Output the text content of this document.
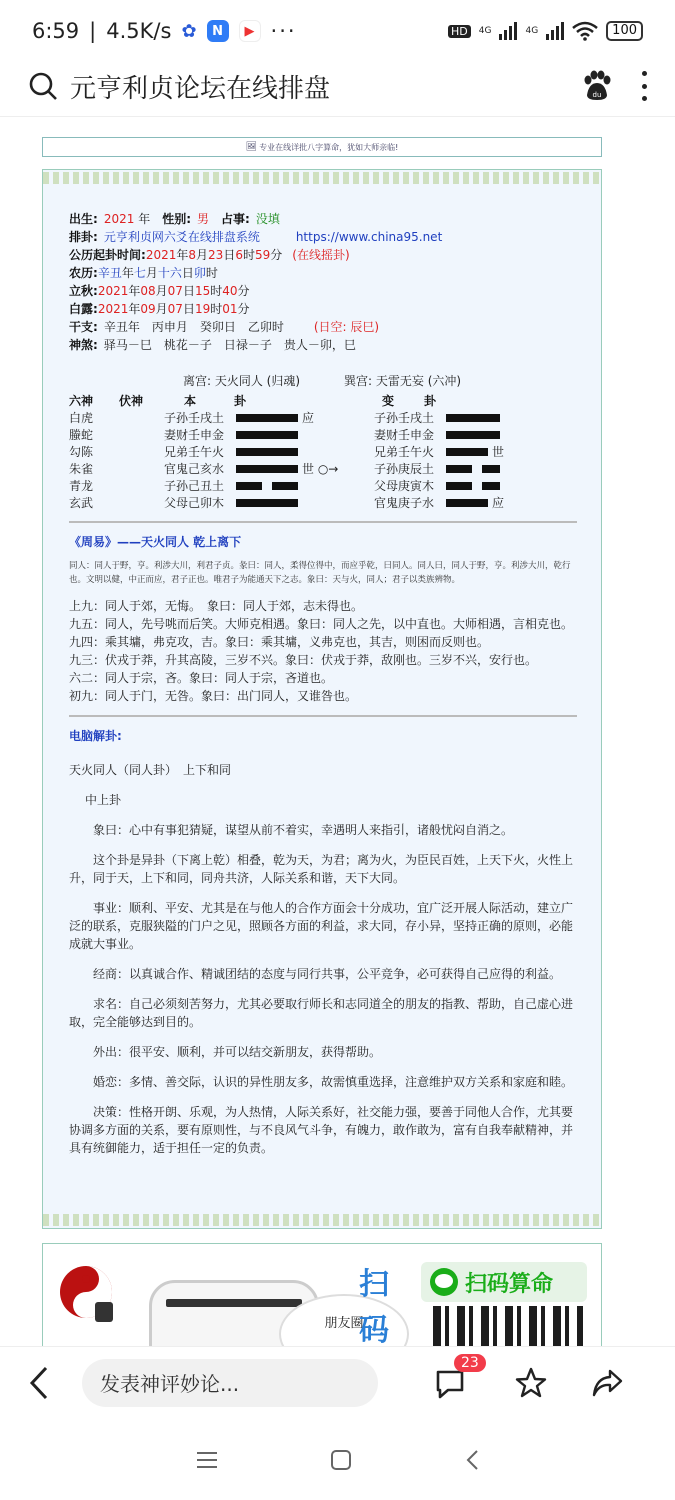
6:59 | 4.5K/s ✿	N	▶ ···	HD	4G	4G	100
元亨利贞论坛在线排盘	du
🖼 专业在线详批八字算命，犹如大师亲临!
出生: 2021 年 性别: 男 占事: 没填
排卦: 元亨利贞网六爻在线排盘系统	https://www.china95.net
公历起卦时间: 2021 年 8 月 23 日 6 时 59 分 (在线摇卦)
农历: 辛丑 年 七 月 十六 日 卯 时
立秋: 2021 年 08 月 07 日 15 时 40 分
白露: 2021 年 09 月 07 日 19 时 01 分
干支: 辛丑年　丙申月　癸卯日　乙卯时	(日空: 辰巳)
神煞: 驿马－巳　桃花－子　日禄－子　贵人－卯，巳
离宫: 天火同人 (归魂)	巽宫: 天雷无妄 (六冲)
六神	伏神	本	卦	变	卦
白虎	子孙壬戌土	应	子孙壬戌土
螣蛇	妻财壬申金	妻财壬申金
勾陈	兄弟壬午火	兄弟壬午火	世
朱雀	官鬼己亥水	世 ○→	子孙庚辰土
青龙	子孙己丑土	父母庚寅木
玄武	父母己卯木	官鬼庚子水	应
《周易》——天火同人 乾上离下
同人：同人于野，亨。利涉大川，利君子贞。彖曰：同人，柔得位得中，而应乎乾，曰同人。同人曰，同人于野，亨。利涉大川，乾行也。文明以健，中正而应，君子正也。唯君子为能通天下之志。象曰：天与火，同人；君子以类族辨物。
上九：同人于郊，无悔。　象曰：同人于郊，志未得也。
九五：同人，先号咷而后笑。大师克相遇。象曰：同人之先，以中直也。大师相遇，言相克也。
九四：乘其墉，弗克攻，吉。象曰：乘其墉，义弗克也，其吉，则困而反则也。
九三：伏戎于莽，升其高陵，三岁不兴。象曰：伏戎于莽，敌刚也。三岁不兴，安行也。
六二：同人于宗，吝。象曰：同人于宗，吝道也。
初九：同人于门，无咎。象曰：出门同人，又谁咎也。
电脑解卦:
天火同人（同人卦）　上下和同
中上卦
象曰：心中有事犯猜疑，谋望从前不着实，幸遇明人来指引，诸般忧闷自消之。
这个卦是异卦（下离上乾）相叠，乾为天，为君；离为火，为臣民百姓，上天下火，火性上升，同于天，上下和同，同舟共济，人际关系和谐，天下大同。
事业：顺利、平安、尤其是在与他人的合作方面会十分成功，宜广泛开展人际活动，建立广泛的联系，克服狭隘的门户之见，照顾各方面的利益，求大同，存小异，坚持正确的原则，必能成就大事业。
经商：以真诚合作、精诚团结的态度与同行共事，公平竞争，必可获得自己应得的利益。
求名：自己必须刻苦努力，尤其必要取行师长和志同道全的朋友的指教、帮助，自己虚心进取，完全能够达到目的。
外出：很平安、顺利，并可以结交新朋友，获得帮助。
婚恋：多情、善交际，认识的异性朋友多，故需慎重选择，注意维护双方关系和家庭和睦。
决策：性格开朗、乐观，为人热情，人际关系好，社交能力强，要善于同他人合作，尤其要协调多方面的关系，要有原则性，与不良风气斗争，有魄力，敢作敢为，富有自我奉献精神，并具有统御能力，适于担任一定的负责。
朋友圈
扫
码
扫码算命
发表神评妙论...
23
